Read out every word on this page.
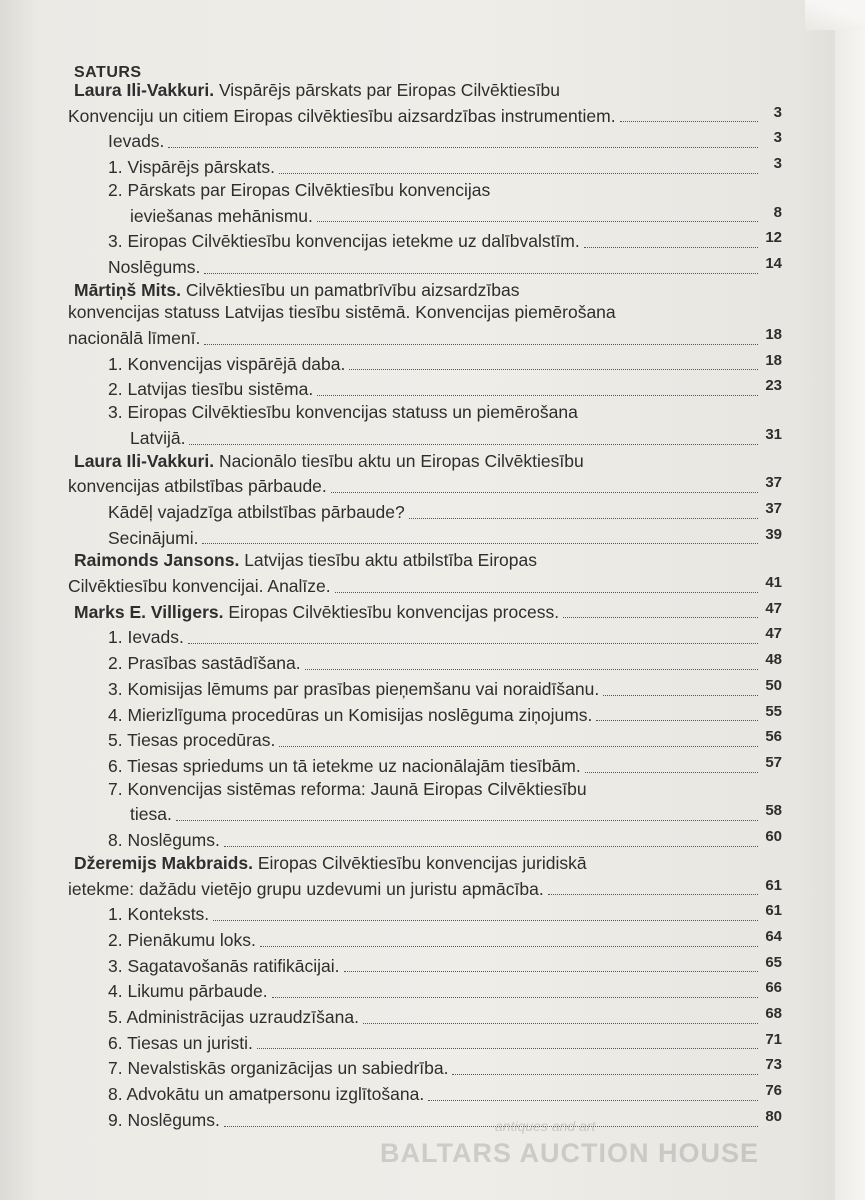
SATURS
Laura Ili-Vakkuri. Vispārējs pārskats par Eiropas Cilvēktiesību
Konvenciju un citiem Eiropas cilvēktiesību aizsardzības instrumentiem.	3
Ievads.	3
1. Vispārējs pārskats.	3
2. Pārskats par Eiropas Cilvēktiesību konvencijas
ieviešanas mehānismu.	8
3. Eiropas Cilvēktiesību konvencijas ietekme uz dalībvalstīm.	12
Noslēgums.	14
Mārtiņš Mits. Cilvēktiesību un pamatbrīvību aizsardzības
konvencijas statuss Latvijas tiesību sistēmā. Konvencijas piemērošana
nacionālā līmenī.	18
1. Konvencijas vispārējā daba.	18
2. Latvijas tiesību sistēma.	23
3. Eiropas Cilvēktiesību konvencijas statuss un piemērošana
Latvijā.	31
Laura Ili-Vakkuri. Nacionālo tiesību aktu un Eiropas Cilvēktiesību
konvencijas atbilstības pārbaude.	37
Kādēļ vajadzīga atbilstības pārbaude?	37
Secinājumi.	39
Raimonds Jansons. Latvijas tiesību aktu atbilstība Eiropas
Cilvēktiesību konvencijai. Analīze.	41
Marks E. Villigers. Eiropas Cilvēktiesību konvencijas process.	47
1. Ievads.	47
2. Prasības sastādīšana.	48
3. Komisijas lēmums par prasības pieņemšanu vai noraidīšanu.	50
4. Mierizlīguma procedūras un Komisijas noslēguma ziņojums.	55
5. Tiesas procedūras.	56
6. Tiesas spriedums un tā ietekme uz nacionālajām tiesībām.	57
7. Konvencijas sistēmas reforma: Jaunā Eiropas Cilvēktiesību
tiesa.	58
8. Noslēgums.	60
Džeremijs Makbraids. Eiropas Cilvēktiesību konvencijas juridiskā
ietekme: dažādu vietējo grupu uzdevumi un juristu apmācība.	61
1. Konteksts.	61
2. Pienākumu loks.	64
3. Sagatavošanās ratifikācijai.	65
4. Likumu pārbaude.	66
5. Administrācijas uzraudzīšana.	68
6. Tiesas un juristi.	71
7. Nevalstiskās organizācijas un sabiedrība.	73
8. Advokātu un amatpersonu izglītošana.	76
9. Noslēgums.	80
antiques and art
BALTARS AUCTION HOUSE
